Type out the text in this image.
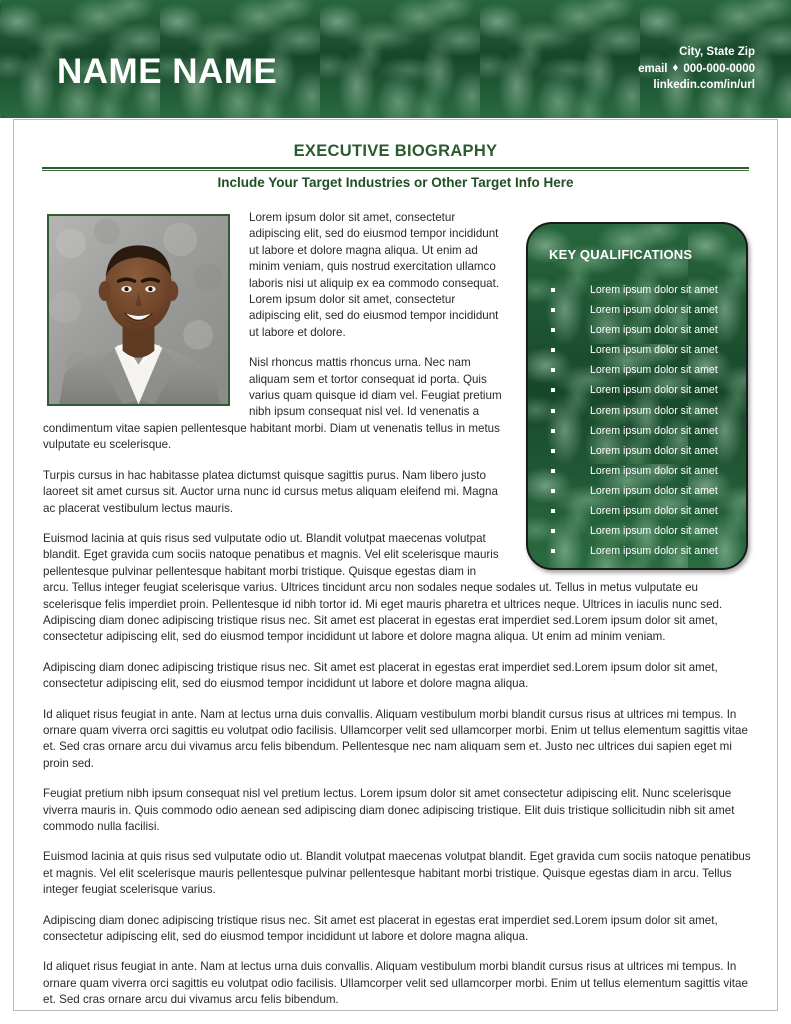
NAME NAME	City, State Zip
email ♦ 000-000-0000
linkedin.com/in/url
EXECUTIVE BIOGRAPHY
Include Your Target Industries or Other Target Info Here
KEY QUALIFICATIONS
Lorem ipsum dolor sit amet
Lorem ipsum dolor sit amet
Lorem ipsum dolor sit amet
Lorem ipsum dolor sit amet
Lorem ipsum dolor sit amet
Lorem ipsum dolor sit amet
Lorem ipsum dolor sit amet
Lorem ipsum dolor sit amet
Lorem ipsum dolor sit amet
Lorem ipsum dolor sit amet
Lorem ipsum dolor sit amet
Lorem ipsum dolor sit amet
Lorem ipsum dolor sit amet
Lorem ipsum dolor sit amet

Lorem ipsum dolor sit amet, consectetur adipiscing elit, sed do eiusmod tempor incididunt ut labore et dolore magna aliqua. Ut enim ad minim veniam, quis nostrud exercitation ullamco laboris nisi ut aliquip ex ea commodo consequat. Lorem ipsum dolor sit amet, consectetur adipiscing elit, sed do eiusmod tempor incididunt ut labore et dolore.

Nisl rhoncus mattis rhoncus urna. Nec nam aliquam sem et tortor consequat id porta. Quis varius quam quisque id diam vel. Feugiat pretium nibh ipsum consequat nisl vel. Id venenatis a condimentum vitae sapien pellentesque habitant morbi. Diam ut venenatis tellus in metus vulputate eu scelerisque.

Turpis cursus in hac habitasse platea dictumst quisque sagittis purus. Nam libero justo laoreet sit amet cursus sit. Auctor urna nunc id cursus metus aliquam eleifend mi. Magna ac placerat vestibulum lectus mauris.

Euismod lacinia at quis risus sed vulputate odio ut. Blandit volutpat maecenas volutpat blandit. Eget gravida cum sociis natoque penatibus et magnis. Vel elit scelerisque mauris pellentesque pulvinar pellentesque habitant morbi tristique. Quisque egestas diam in arcu. Tellus integer feugiat scelerisque varius. Ultrices tincidunt arcu non sodales neque sodales ut. Tellus in metus vulputate eu scelerisque felis imperdiet proin. Pellentesque id nibh tortor id. Mi eget mauris pharetra et ultrices neque. Ultrices in iaculis nunc sed. Adipiscing diam donec adipiscing tristique risus nec. Sit amet est placerat in egestas erat imperdiet sed.Lorem ipsum dolor sit amet, consectetur adipiscing elit, sed do eiusmod tempor incididunt ut labore et dolore magna aliqua. Ut enim ad minim veniam.

Adipiscing diam donec adipiscing tristique risus nec. Sit amet est placerat in egestas erat imperdiet sed.Lorem ipsum dolor sit amet, consectetur adipiscing elit, sed do eiusmod tempor incididunt ut labore et dolore magna aliqua.

Id aliquet risus feugiat in ante. Nam at lectus urna duis convallis. Aliquam vestibulum morbi blandit cursus risus at ultrices mi tempus. In ornare quam viverra orci sagittis eu volutpat odio facilisis. Ullamcorper velit sed ullamcorper morbi. Enim ut tellus elementum sagittis vitae et. Sed cras ornare arcu dui vivamus arcu felis bibendum. Pellentesque nec nam aliquam sem et. Justo nec ultrices dui sapien eget mi proin sed.

Feugiat pretium nibh ipsum consequat nisl vel pretium lectus. Lorem ipsum dolor sit amet consectetur adipiscing elit. Nunc scelerisque viverra mauris in. Quis commodo odio aenean sed adipiscing diam donec adipiscing tristique. Elit duis tristique sollicitudin nibh sit amet commodo nulla facilisi.

Euismod lacinia at quis risus sed vulputate odio ut. Blandit volutpat maecenas volutpat blandit. Eget gravida cum sociis natoque penatibus et magnis. Vel elit scelerisque mauris pellentesque pulvinar pellentesque habitant morbi tristique. Quisque egestas diam in arcu. Tellus integer feugiat scelerisque varius.

Adipiscing diam donec adipiscing tristique risus nec. Sit amet est placerat in egestas erat imperdiet sed.Lorem ipsum dolor sit amet, consectetur adipiscing elit, sed do eiusmod tempor incididunt ut labore et dolore magna aliqua.

Id aliquet risus feugiat in ante. Nam at lectus urna duis convallis. Aliquam vestibulum morbi blandit cursus risus at ultrices mi tempus. In ornare quam viverra orci sagittis eu volutpat odio facilisis. Ullamcorper velit sed ullamcorper morbi. Enim ut tellus elementum sagittis vitae et. Sed cras ornare arcu dui vivamus arcu felis bibendum.
